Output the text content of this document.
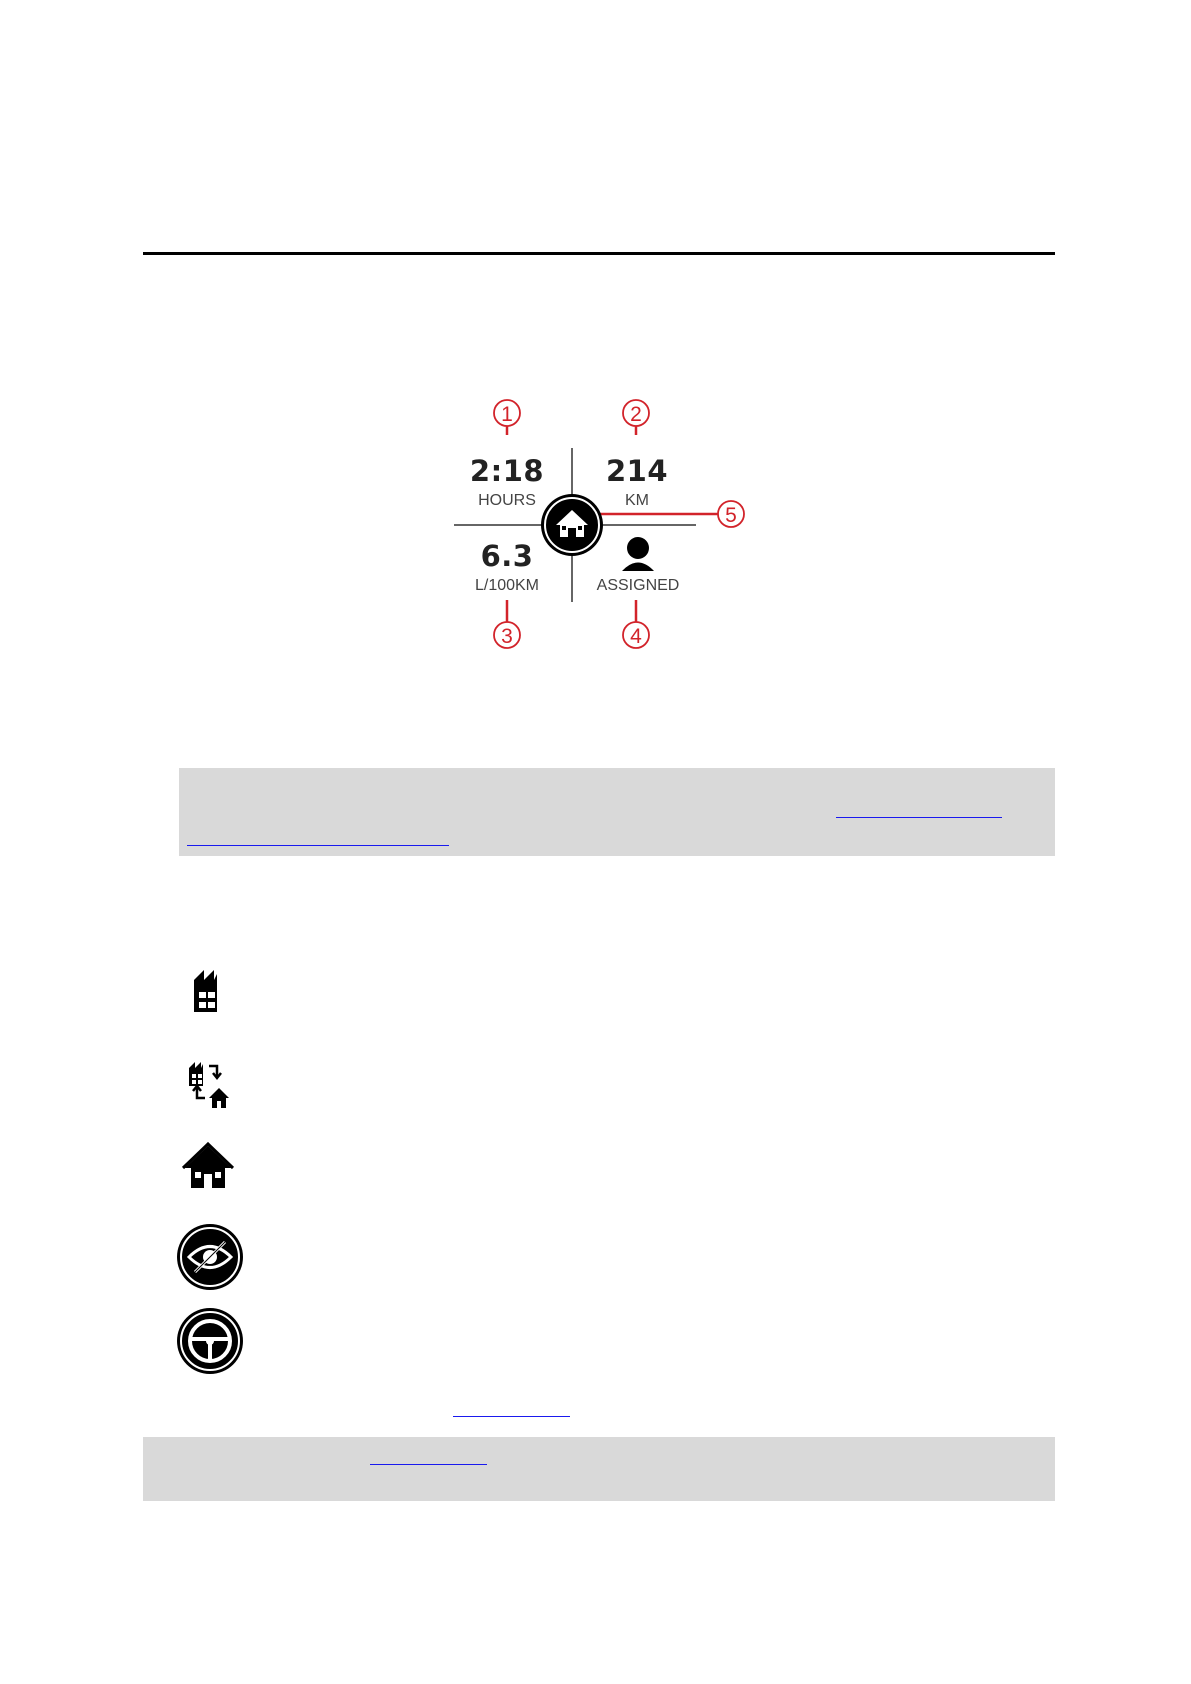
1	2
3	4
5
2:18
HOURS
214
KM
6.3
L/100KM	ASSIGNED
